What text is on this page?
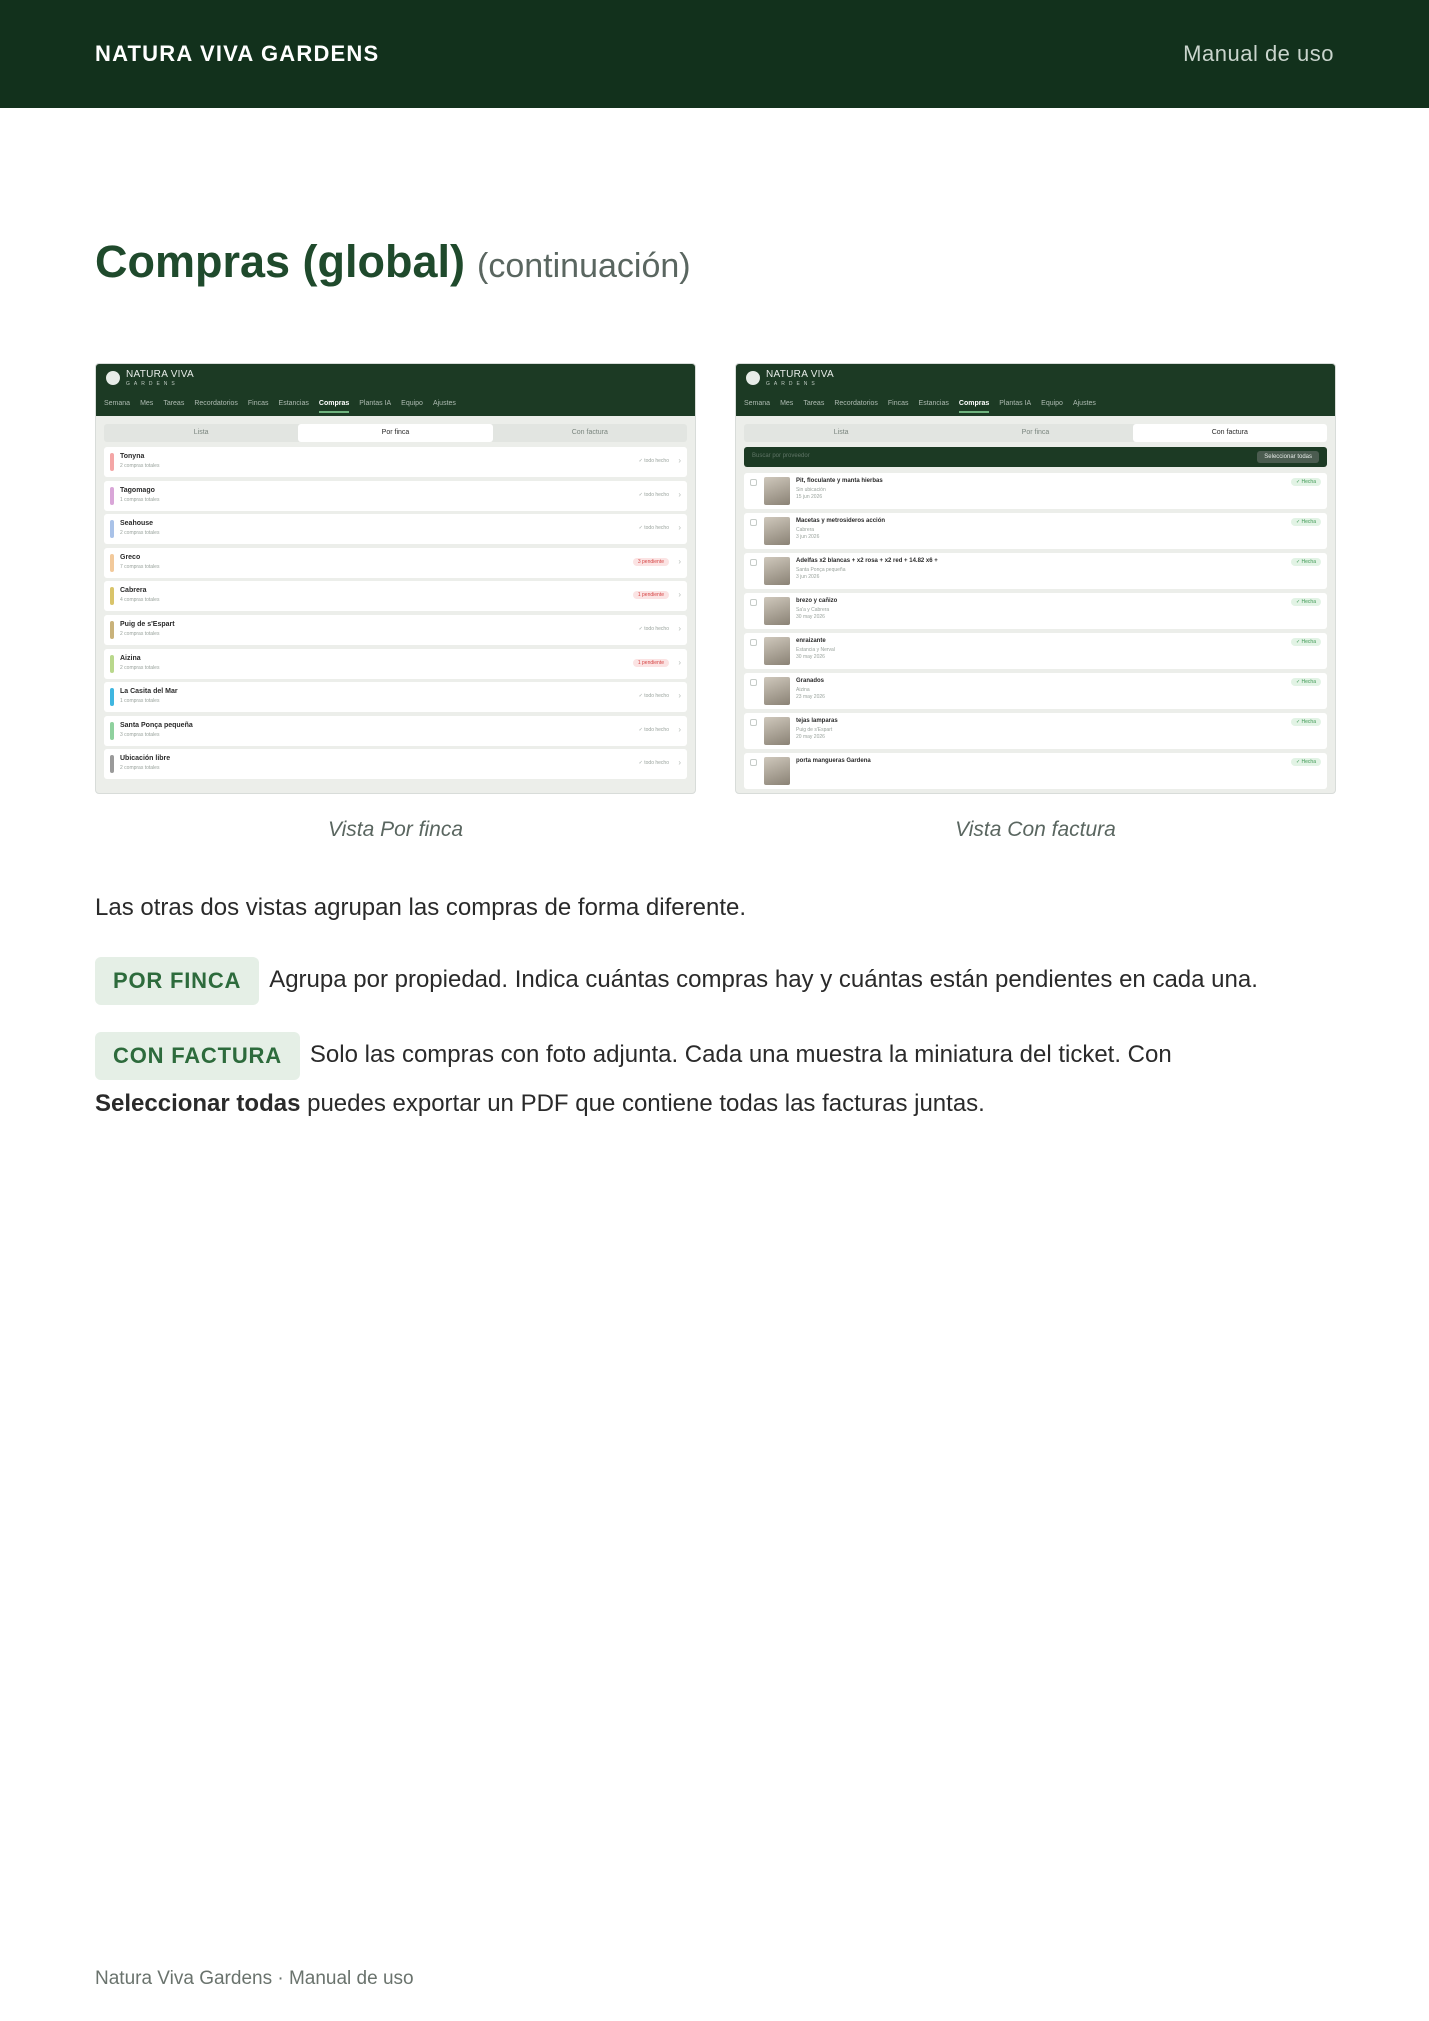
NATURA VIVA GARDENS	Manual de uso
Compras (global) (continuación)
NATURA VIVA
GARDENS
Semana Mes Tareas Recordatorios Fincas Estancias Compras Plantas IA Equipo Ajustes
Lista	Por finca	Con factura
Tonyna
2 compras totales
✓ todo hecho ›
Tagomago
1 compras totales
✓ todo hecho ›
Seahouse
2 compras totales
✓ todo hecho ›
Greco
7 compras totales
3 pendiente	›
Cabrera
4 compras totales
1 pendiente	›
Puig de s'Espart
2 compras totales
✓ todo hecho ›
Aizina
2 compras totales
1 pendiente	›
La Casita del Mar
1 compras totales
✓ todo hecho ›
Santa Ponça pequeña
3 compras totales
✓ todo hecho ›
Ubicación libre
2 compras totales
✓ todo hecho ›
NATURA VIVA
GARDENS
Semana Mes Tareas Recordatorios Fincas Estancias Compras Plantas IA Equipo Ajustes
Lista	Por finca	Con factura
Buscar por proveedor	Seleccionar todas
Pit, floculante y manta hierbas
Sin ubicación
15 jun 2026
✓ Hecha
Macetas y metrosideros acción
Cabrera
3 jun 2026
✓ Hecha
Adelfas x2 blancas + x2 rosa + x2 red + 14.82 x6 +
Santa Ponça pequeña
3 jun 2026
✓ Hecha
brezo y cañizo
Sa'a y Cabrera
30 may 2026
✓ Hecha
enraizante
Estancia y Nerval
30 may 2026
✓ Hecha
Granados
Aizina
23 may 2026
✓ Hecha
tejas lamparas
Puig de s'Espart
20 may 2026
✓ Hecha
porta mangueras Gardena	✓ Hecha
Vista Por finca	Vista Con factura

Las otras dos vistas agrupan las compras de forma diferente.

POR FINCA Agrupa por propiedad. Indica cuántas compras hay y cuántas están pendientes en cada una.

CON FACTURA Solo las compras con foto adjunta. Cada una muestra la miniatura del ticket. Con
Seleccionar todas puedes exportar un PDF que contiene todas las facturas juntas.

Natura Viva Gardens · Manual de uso
